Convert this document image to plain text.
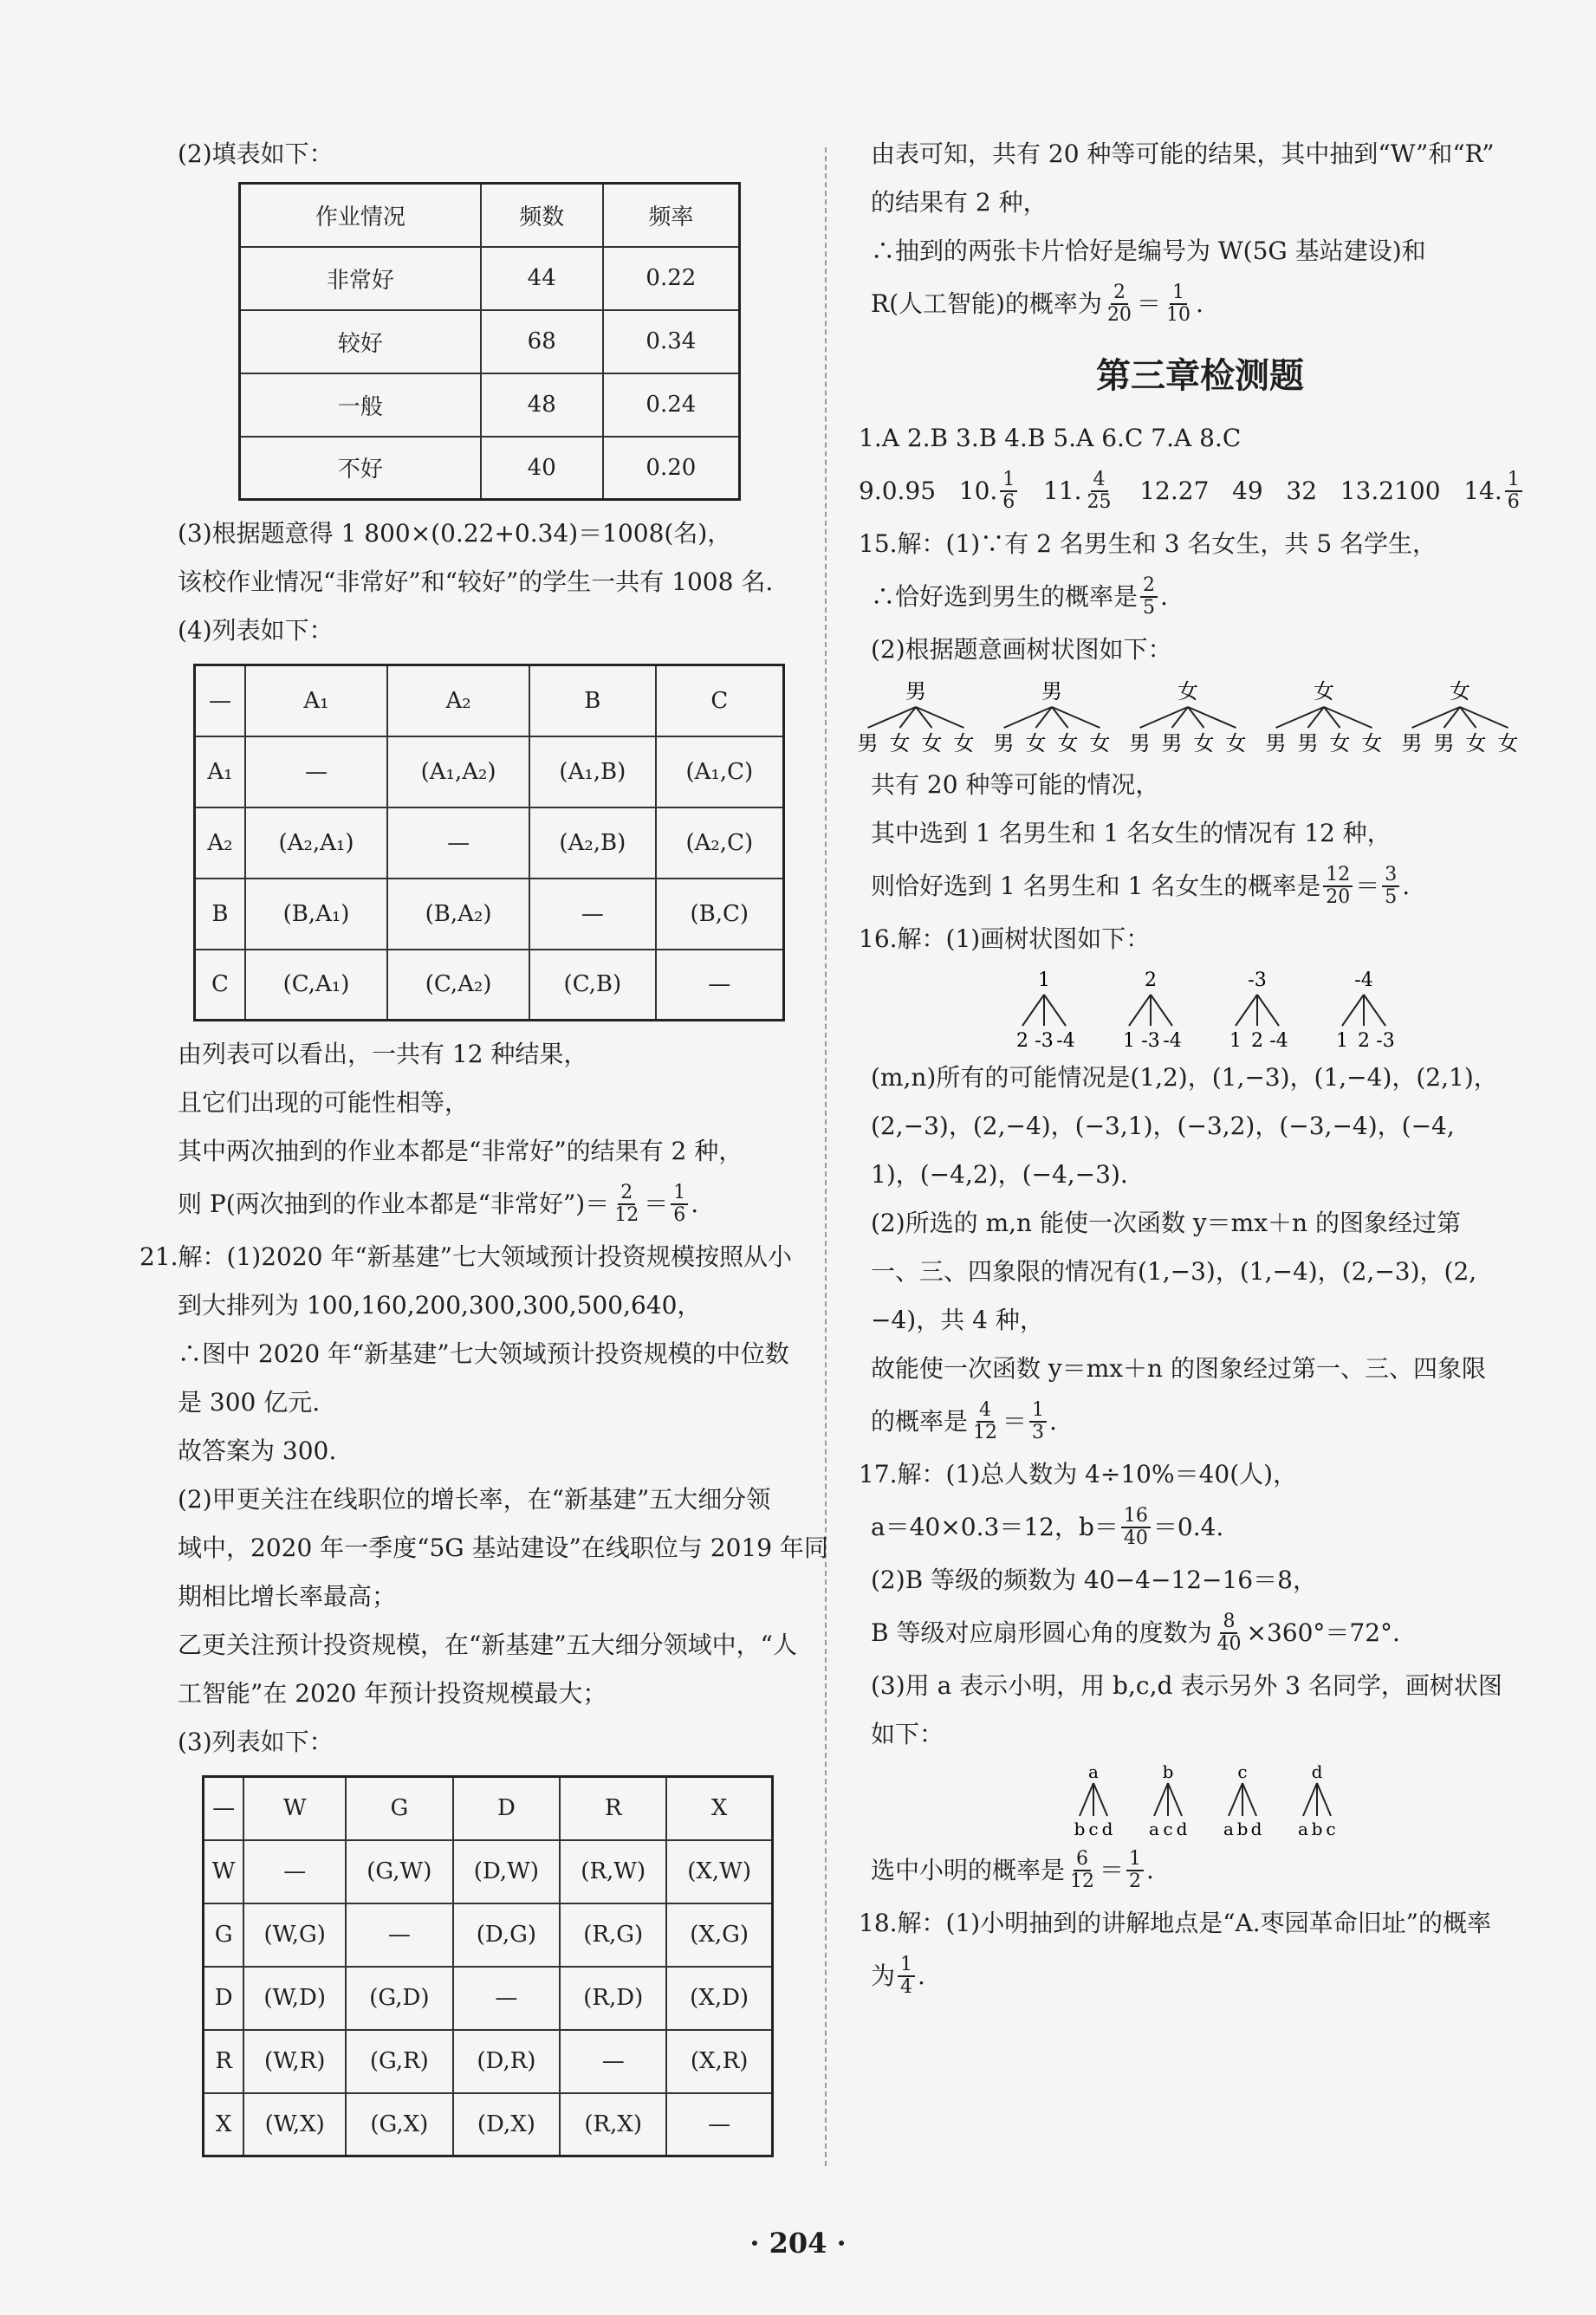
(2)填表如下：
作业情况	频数	频率
非常好	44	0.22
较好	68	0.34
一般	48	0.24
不好	40	0.20
(3)根据题意得 1 800×(0.22+0.34)＝1008(名)，
该校作业情况“非常好”和“较好”的学生一共有 1008 名.
(4)列表如下：
—	A₁	A₂	B	C
A₁	—	(A₁,A₂)	(A₁,B)	(A₁,C)
A₂	(A₂,A₁)	—	(A₂,B)	(A₂,C)
B	(B,A₁)	(B,A₂)	—	(B,C)
C	(C,A₁)	(C,A₂)	(C,B)	—
由列表可以看出，一共有 12 种结果，
且它们出现的可能性相等，
其中两次抽到的作业本都是“非常好”的结果有 2 种，
则 P(两次抽到的作业本都是“非常好”)＝ $\frac{2}{12} = \frac{1}{6}$ .
21.解：(1)2020 年“新基建”七大领域预计投资规模按照从小
到大排列为 100,160,200,300,300,500,640，
∴图中 2020 年“新基建”七大领域预计投资规模的中位数
是 300 亿元.
故答案为 300.
(2)甲更关注在线职位的增长率，在“新基建”五大细分领
域中，2020 年一季度“5G 基站建设”在线职位与 2019 年同
期相比增长率最高；
乙更关注预计投资规模，在“新基建”五大细分领域中，“人
工智能”在 2020 年预计投资规模最大；
(3)列表如下：
—	W	G	D	R	X
W	—	(G,W)	(D,W)	(R,W)	(X,W)
G	(W,G)	—	(D,G)	(R,G)	(X,G)
D	(W,D)	(G,D)	—	(R,D)	(X,D)
R	(W,R)	(G,R)	(D,R)	—	(X,R)
X	(W,X)	(G,X)	(D,X)	(R,X)	—
由表可知，共有 20 种等可能的结果，其中抽到“W”和“R”
的结果有 2 种，
∴抽到的两张卡片恰好是编号为 W(5G 基站建设)和
R(人工智能)的概率为 $\frac{2}{20} = \frac{1}{10}$ .
第三章检测题
1.A 2.B 3.B 4.B 5.A 6.C 7.A 8.C
9.0.95   10. $\frac{1}{6} 11$. $\frac{4}{25} 12.27$   49   32   13.2100   14. $\frac{1}{6}$
15.解：(1)∵有 2 名男生和 3 名女生，共 5 名学生，
∴恰好选到男生的概率是 $\frac{2}{5}$ .
(2)根据题意画树状图如下：
男
男 女 女 女
男
男 女 女 女
女
男 男 女 女
女
男 男 女 女
女
男 男 女 女
共有 20 种等可能的情况，
其中选到 1 名男生和 1 名女生的情况有 12 种，
则恰好选到 1 名男生和 1 名女生的概率是 $\frac{12}{20} = \frac{3}{5}$ .
16.解：(1)画树状图如下：
1
2 -3 -4
2
1 -3 -4
-3
1 2 -4
-4
1 2 -3
(m,n)所有的可能情况是(1,2)，(1,−3)，(1,−4)，(2,1)，
(2,−3)，(2,−4)，(−3,1)，(−3,2)，(−3,−4)，(−4,
1)，(−4,2)，(−4,−3).
(2)所选的 m,n 能使一次函数 y＝mx＋n 的图象经过第
一、三、四象限的情况有(1,−3)，(1,−4)，(2,−3)，(2,
−4)，共 4 种，
故能使一次函数 y＝mx＋n 的图象经过第一、三、四象限
的概率是 $\frac{4}{12} = \frac{1}{3}$ .
17.解：(1)总人数为 4÷10%＝40(人)，
a＝40×0.3＝12，$b= \frac{16}{40} =0.4$.
(2)B 等级的频数为 40−4−12−16＝8，
B 等级对应扇形圆心角的度数为 $\frac{8}{40} \times 360^\circ=72^\circ$.
(3)用 a 表示小明，用 b,c,d 表示另外 3 名同学，画树状图
如下：
a
b c d
b
a c d
c
a b d
d
a b c
选中小明的概率是 $\frac{6}{12} = \frac{1}{2}$ .
18.解：(1)小明抽到的讲解地点是“A.枣园革命旧址”的概率
为 $\frac{1}{4}$ .
· 204 ·
